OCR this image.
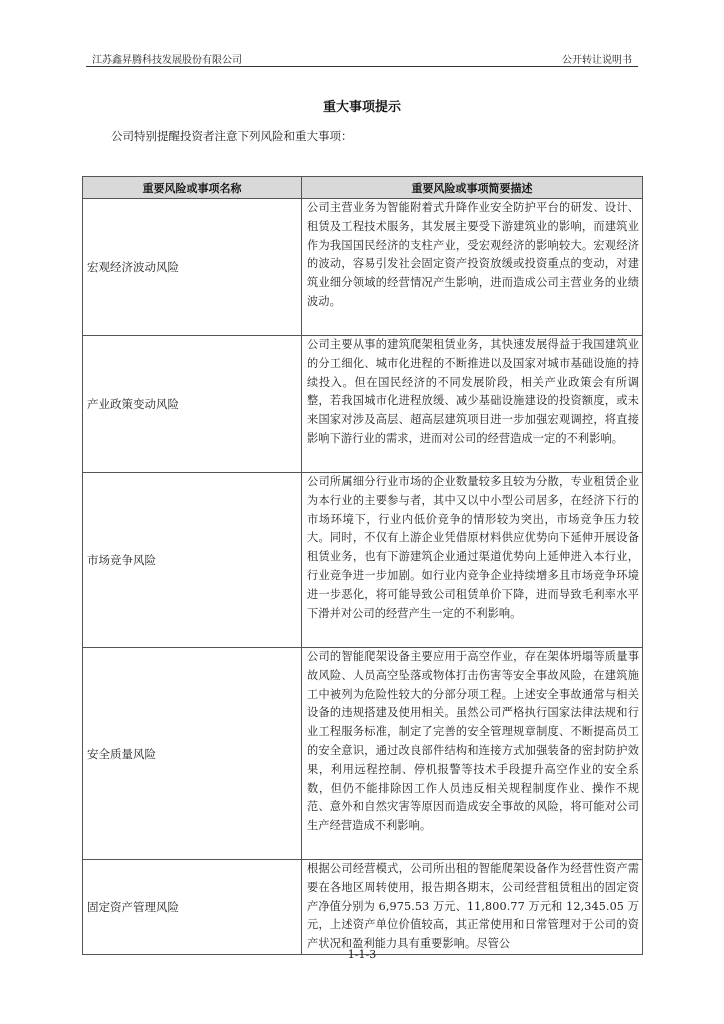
江苏鑫昇腾科技发展股份有限公司	公开转让说明书
重大事项提示
公司特别提醒投资者注意下列风险和重大事项：
重要风险或事项名称	重要风险或事项简要描述
宏观经济波动风险	公司主营业务为智能附着式升降作业安全防护平台的研发、设计、租赁及工程技术服务，其发展主要受下游建筑业的影响，而建筑业作为我国国民经济的支柱产业，受宏观经济的影响较大。宏观经济的波动，容易引发社会固定资产投资放缓或投资重点的变动，对建筑业细分领域的经营情况产生影响，进而造成公司主营业务的业绩波动。
产业政策变动风险	公司主要从事的建筑爬架租赁业务，其快速发展得益于我国建筑业的分工细化、城市化进程的不断推进以及国家对城市基础设施的持续投入。但在国民经济的不同发展阶段，相关产业政策会有所调整，若我国城市化进程放缓、减少基础设施建设的投资额度，或未来国家对涉及高层、超高层建筑项目进一步加强宏观调控，将直接影响下游行业的需求，进而对公司的经营造成一定的不利影响。
市场竞争风险	公司所属细分行业市场的企业数量较多且较为分散，专业租赁企业为本行业的主要参与者，其中又以中小型公司居多，在经济下行的市场环境下，行业内低价竞争的情形较为突出，市场竞争压力较大。同时，不仅有上游企业凭借原材料供应优势向下延伸开展设备租赁业务，也有下游建筑企业通过渠道优势向上延伸进入本行业，行业竞争进一步加剧。如行业内竞争企业持续增多且市场竞争环境进一步恶化，将可能导致公司租赁单价下降，进而导致毛利率水平下滑并对公司的经营产生一定的不利影响。
安全质量风险	公司的智能爬架设备主要应用于高空作业，存在架体坍塌等质量事故风险、人员高空坠落或物体打击伤害等安全事故风险，在建筑施工中被列为危险性较大的分部分项工程。上述安全事故通常与相关设备的违规搭建及使用相关。虽然公司严格执行国家法律法规和行业工程服务标准，制定了完善的安全管理规章制度、不断提高员工的安全意识，通过改良部件结构和连接方式加强装备的密封防护效果，利用远程控制、停机报警等技术手段提升高空作业的安全系数，但仍不能排除因工作人员违反相关规程制度作业、操作不规范、意外和自然灾害等原因而造成安全事故的风险，将可能对公司生产经营造成不利影响。
固定资产管理风险	根据公司经营模式，公司所出租的智能爬架设备作为经营性资产需要在各地区周转使用，报告期各期末，公司经营租赁租出的固定资产净值分别为 6,975.53 万元、11,800.77 万元和 12,345.05 万元，上述资产单位价值较高，其正常使用和日常管理对于公司的资产状况和盈利能力具有重要影响。尽管公
1-1-3
